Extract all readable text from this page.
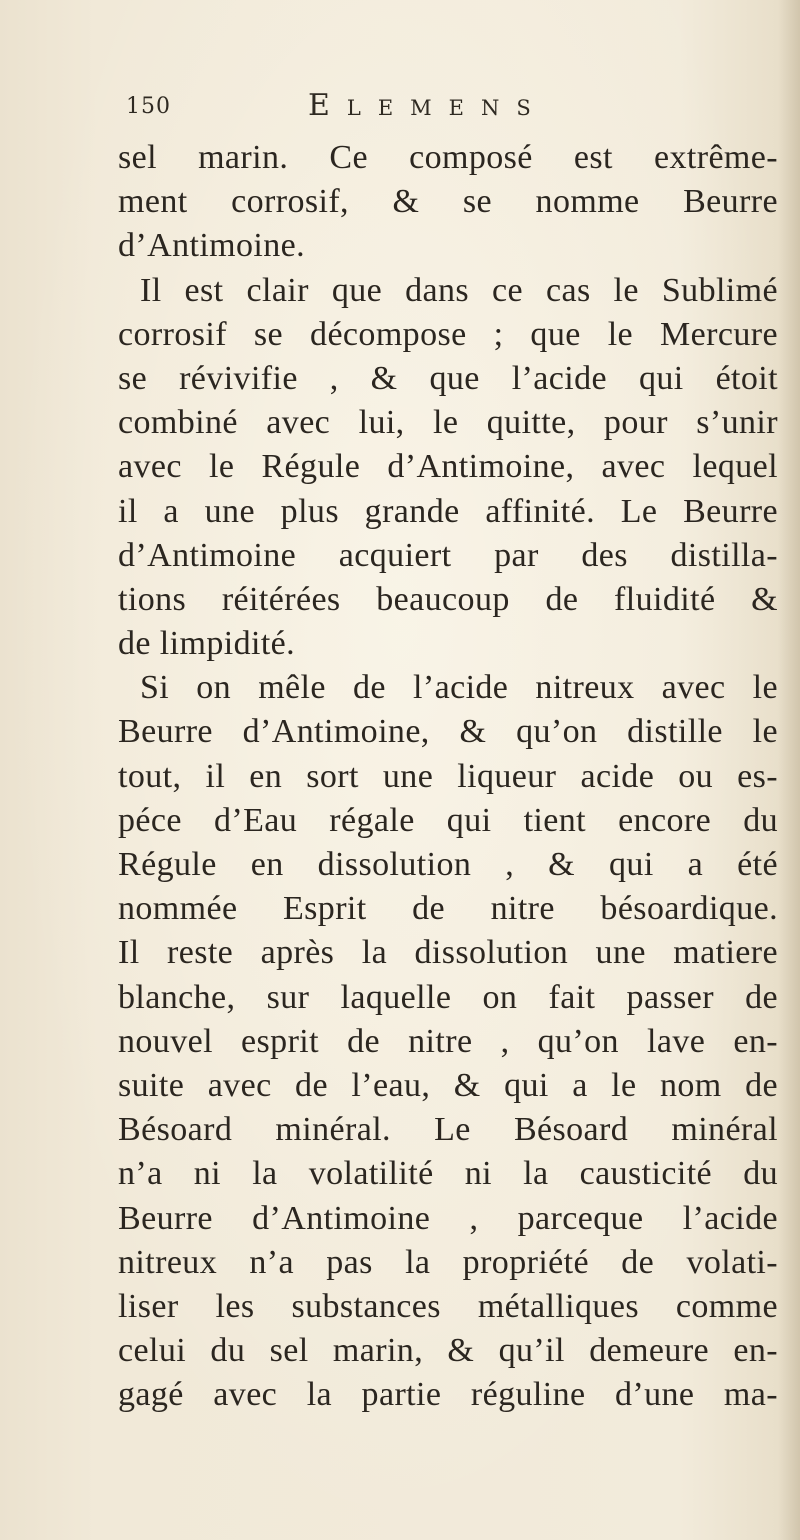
150	Elemens
sel marin. Ce composé est extrême-
ment corrosif, & se nomme Beurre
d’Antimoine.
Il est clair que dans ce cas le Sublimé
corrosif se décompose ; que le Mercure
se révivifie , & que l’acide qui étoit
combiné avec lui, le quitte, pour s’unir
avec le Régule d’Antimoine, avec lequel
il a une plus grande affinité. Le Beurre
d’Antimoine acquiert par des distilla-
tions réitérées beaucoup de fluidité &
de limpidité.
Si on mêle de l’acide nitreux avec le
Beurre d’Antimoine, & qu’on distille le
tout, il en sort une liqueur acide ou es-
péce d’Eau régale qui tient encore du
Régule en dissolution , & qui a été
nommée Esprit de nitre bésoardique.
Il reste après la dissolution une matiere
blanche, sur laquelle on fait passer de
nouvel esprit de nitre , qu’on lave en-
suite avec de l’eau, & qui a le nom de
Bésoard minéral. Le Bésoard minéral
n’a ni la volatilité ni la causticité du
Beurre d’Antimoine , parceque l’acide
nitreux n’a pas la propriété de volati-
liser les substances métalliques comme
celui du sel marin, & qu’il demeure en-
gagé avec la partie réguline d’une ma-
